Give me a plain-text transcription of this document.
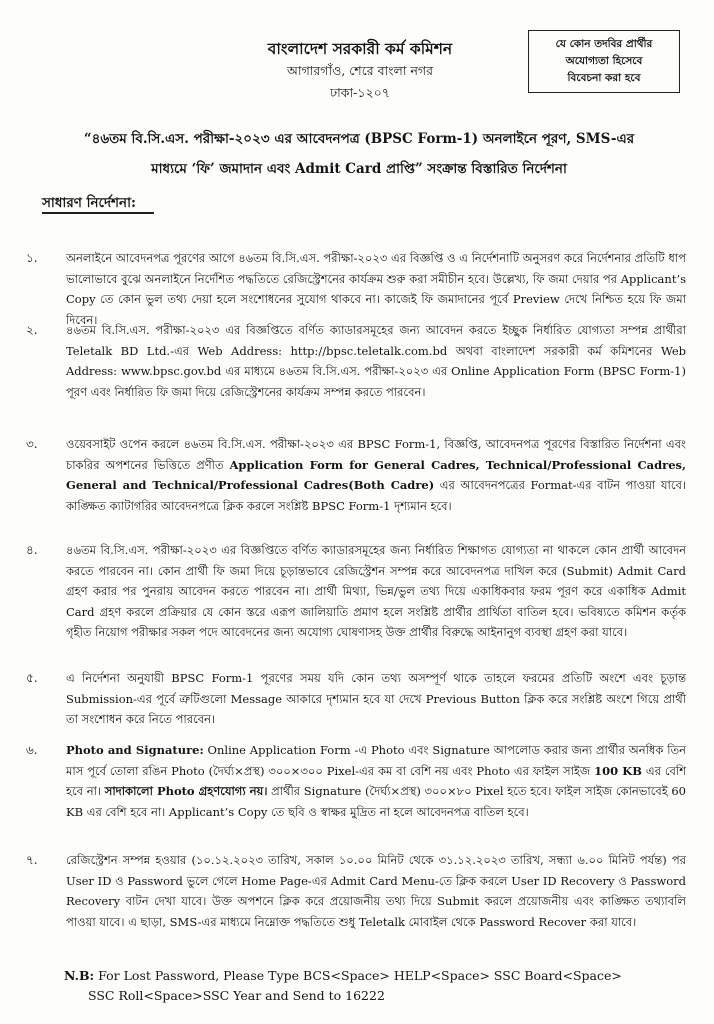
বাংলাদেশ সরকারী কর্ম কমিশন
আগারগাঁও, শেরে বাংলা নগর
ঢাকা-১২০৭
যে কোন তদবির প্রার্থীর
অযোগ্যতা হিসেবে
বিবেচনা করা হবে
“৪৬তম বি.সি.এস. পরীক্ষা-২০২৩ এর আবেদনপত্র (BPSC Form-1) অনলাইনে পূরণ, SMS-এর
মাধ্যমে ‘ফি’ জমাদান এবং Admit Card প্রাপ্তি” সংক্রান্ত বিস্তারিত নির্দেশনা
সাধারণ নির্দেশনা:
১. অনলাইনে আবেদনপত্র পূরণের আগে ৪৬তম বি.সি.এস. পরীক্ষা-২০২৩ এর বিজ্ঞপ্তি ও এ নির্দেশনাটি অনুসরণ করে নির্দেশনার প্রতিটি ধাপ ভালোভাবে বুঝে অনলাইনে নির্দেশিত পদ্ধতিতে রেজিস্ট্রেশনের কার্যক্রম শুরু করা সমীচীন হবে। উল্লেখ্য, ফি জমা দেয়ার পর Applicant’s Copy তে কোন ভুল তথ্য দেয়া হলে সংশোধনের সুযোগ থাকবে না। কাজেই ফি জমাদানের পূর্বে Preview দেখে নিশ্চিত হয়ে ফি জমা দিবেন।
২. ৪৬তম বি.সি.এস. পরীক্ষা-২০২৩ এর বিজ্ঞপ্তিতে বর্ণিত ক্যাডারসমূহের জন্য আবেদন করতে ইচ্ছুক নির্ধারিত যোগ্যতা সম্পন্ন প্রার্থীরা Teletalk BD Ltd.-এর Web Address: http://bpsc.teletalk.com.bd অথবা বাংলাদেশ সরকারী কর্ম কমিশনের Web Address: www.bpsc.gov.bd এর মাধ্যমে ৪৬তম বি.সি.এস. পরীক্ষা-২০২৩ এর Online Application Form (BPSC Form-1) পূরণ এবং নির্ধারিত ফি জমা দিয়ে রেজিস্ট্রেশনের কার্যক্রম সম্পন্ন করতে পারবেন।
৩. ওয়েবসাইট ওপেন করলে ৪৬তম বি.সি.এস. পরীক্ষা-২০২৩ এর BPSC Form-1, বিজ্ঞপ্তি, আবেদনপত্র পূরণের বিস্তারিত নির্দেশনা এবং চাকরির অপশনের ভিত্তিতে প্রণীত Application Form for General Cadres, Technical/Professional Cadres, General and Technical/Professional Cadres(Both Cadre) এর আবেদনপত্রের Format-এর বাটন পাওয়া যাবে। কাঙ্ক্ষিত ক্যাটাগরির আবেদনপত্রে ক্লিক করলে সংশ্লিষ্ট BPSC Form-1 দৃশ্যমান হবে।
৪. ৪৬তম বি.সি.এস. পরীক্ষা-২০২৩ এর বিজ্ঞপ্তিতে বর্ণিত ক্যাডারসমূহের জন্য নির্ধারিত শিক্ষাগত যোগ্যতা না থাকলে কোন প্রার্থী আবেদন করতে পারবেন না। কোন প্রার্থী ফি জমা দিয়ে চূড়ান্তভাবে রেজিস্ট্রেশন সম্পন্ন করে আবেদনপত্র দাখিল করে (Submit) Admit Card গ্রহণ করার পর পুনরায় আবেদন করতে পারবেন না। প্রার্থী মিথ্যা, ভিন্ন/ভুল তথ্য দিয়ে একাধিকবার ফরম পূরণ করে একাধিক Admit Card গ্রহণ করলে প্রক্রিয়ার যে কোন স্তরে এরূপ জালিয়াতি প্রমাণ হলে সংশ্লিষ্ট প্রার্থীর প্রার্থিতা বাতিল হবে। ভবিষ্যতে কমিশন কর্তৃক গৃহীত নিয়োগ পরীক্ষার সকল পদে আবেদনের জন্য অযোগ্য ঘোষণাসহ উক্ত প্রার্থীর বিরুদ্ধে আইনানুগ ব্যবস্থা গ্রহণ করা যাবে।
৫. এ নির্দেশনা অনুযায়ী BPSC Form-1 পূরণের সময় যদি কোন তথ্য অসম্পূর্ণ থাকে তাহলে ফরমের প্রতিটি অংশে এবং চূড়ান্ত Submission-এর পূর্বে ত্রুটিগুলো Message আকারে দৃশ্যমান হবে যা দেখে Previous Button ক্লিক করে সংশ্লিষ্ট অংশে গিয়ে প্রার্থী তা সংশোধন করে নিতে পারবেন।
৬. Photo and Signature: Online Application Form -এ Photo এবং Signature আপলোড করার জন্য প্রার্থীর অনধিক তিন মাস পূর্বে তোলা রঙিন Photo (দৈর্ঘ্য×প্রস্থ) ৩০০×৩০০ Pixel-এর কম বা বেশি নয় এবং Photo এর ফাইল সাইজ 100 KB এর বেশি হবে না। সাদাকালো Photo গ্রহণযোগ্য নয়। প্রার্থীর Signature (দৈর্ঘ্য×প্রস্থ) ৩০০×৮০ Pixel হতে হবে। ফাইল সাইজ কোনভাবেই 60 KB এর বেশি হবে না। Applicant’s Copy তে ছবি ও স্বাক্ষর মুদ্রিত না হলে আবেদনপত্র বাতিল হবে।
৭. রেজিস্ট্রেশন সম্পন্ন হওয়ার (১০.১২.২০২৩ তারিখ, সকাল ১০.০০ মিনিট থেকে ৩১.১২.২০২৩ তারিখ, সন্ধ্যা ৬.০০ মিনিট পর্যন্ত) পর User ID ও Password ভুলে গেলে Home Page-এর Admit Card Menu-তে ক্লিক করলে User ID Recovery ও Password Recovery বাটন দেখা যাবে। উক্ত অপশনে ক্লিক করে প্রয়োজনীয় তথ্য দিয়ে Submit করলে প্রয়োজনীয় এবং কাঙ্ক্ষিত তথ্যাবলি পাওয়া যাবে। এ ছাড়া, SMS-এর মাধ্যমে নিম্নোক্ত পদ্ধতিতে শুধু Teletalk মোবাইল থেকে Password Recover করা যাবে।
N.B: For Lost Password, Please Type BCS<Space> HELP<Space> SSC Board<Space>
SSC Roll<Space>SSC Year and Send to 16222
